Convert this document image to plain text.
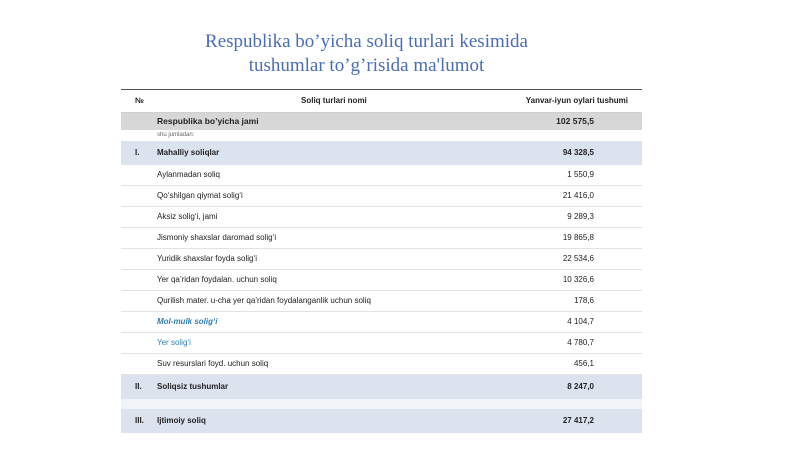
Respublika bo’yicha soliq turlari kesimida
tushumlar to’g’risida ma'lumot
№	Soliq turlari nomi	Yanvar-iyun oylari tushumi
Respublika bo’yicha jami	102 575,5
shu jumladan:
I. Mahalliy soliqlar	94 328,5
Aylanmadan soliq	1 550,9
Qo‘shilgan qiymat solig‘i	21 416,0
Aksiz solig‘i, jami	9 289,3
Jismoniy shaxslar daromad solig‘i	19 865,8
Yuridik shaxslar foyda solig‘i	22 534,6
Yer qa’ridan foydalan. uchun soliq	10 326,6
Qurilish mater. u-cha yer qa’ridan foydalanganlik uchun soliq	178,6
Mol-mulk solig‘i	4 104,7
Yer solig‘i	4 780,7
Suv resurslari foyd. uchun soliq	456,1
II. Soliqsiz tushumlar	8 247,0
III. Ijtimoiy soliq	27 417,2
